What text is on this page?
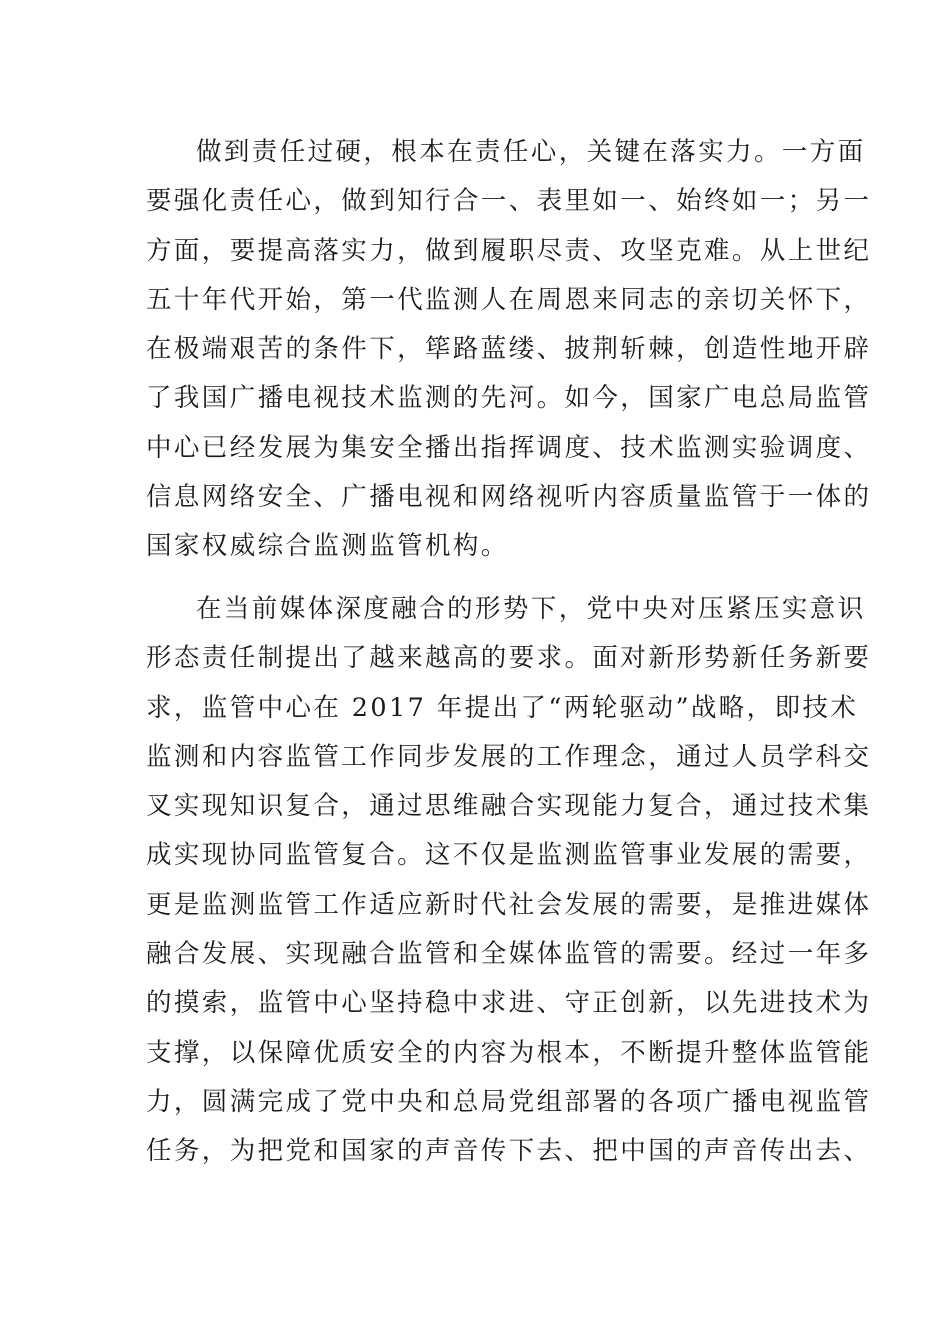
做到责任过硬，根本在责任心，关键在落实力。一方面
要强化责任心，做到知行合一、表里如一、始终如一；另一
方面，要提高落实力，做到履职尽责、攻坚克难。从上世纪
五十年代开始，第一代监测人在周恩来同志的亲切关怀下，
在极端艰苦的条件下，筚路蓝缕、披荆斩棘，创造性地开辟
了我国广播电视技术监测的先河。如今，国家广电总局监管
中心已经发展为集安全播出指挥调度、技术监测实验调度、
信息网络安全、广播电视和网络视听内容质量监管于一体的
国家权威综合监测监管机构。
在当前媒体深度融合的形势下，党中央对压紧压实意识
形态责任制提出了越来越高的要求。面对新形势新任务新要
求，监管中心在 2017 年提出了“两轮驱动”战略，即技术
监测和内容监管工作同步发展的工作理念，通过人员学科交
叉实现知识复合，通过思维融合实现能力复合，通过技术集
成实现协同监管复合。这不仅是监测监管事业发展的需要，
更是监测监管工作适应新时代社会发展的需要，是推进媒体
融合发展、实现融合监管和全媒体监管的需要。经过一年多
的摸索，监管中心坚持稳中求进、守正创新，以先进技术为
支撑，以保障优质安全的内容为根本，不断提升整体监管能
力，圆满完成了党中央和总局党组部署的各项广播电视监管
任务，为把党和国家的声音传下去、把中国的声音传出去、
